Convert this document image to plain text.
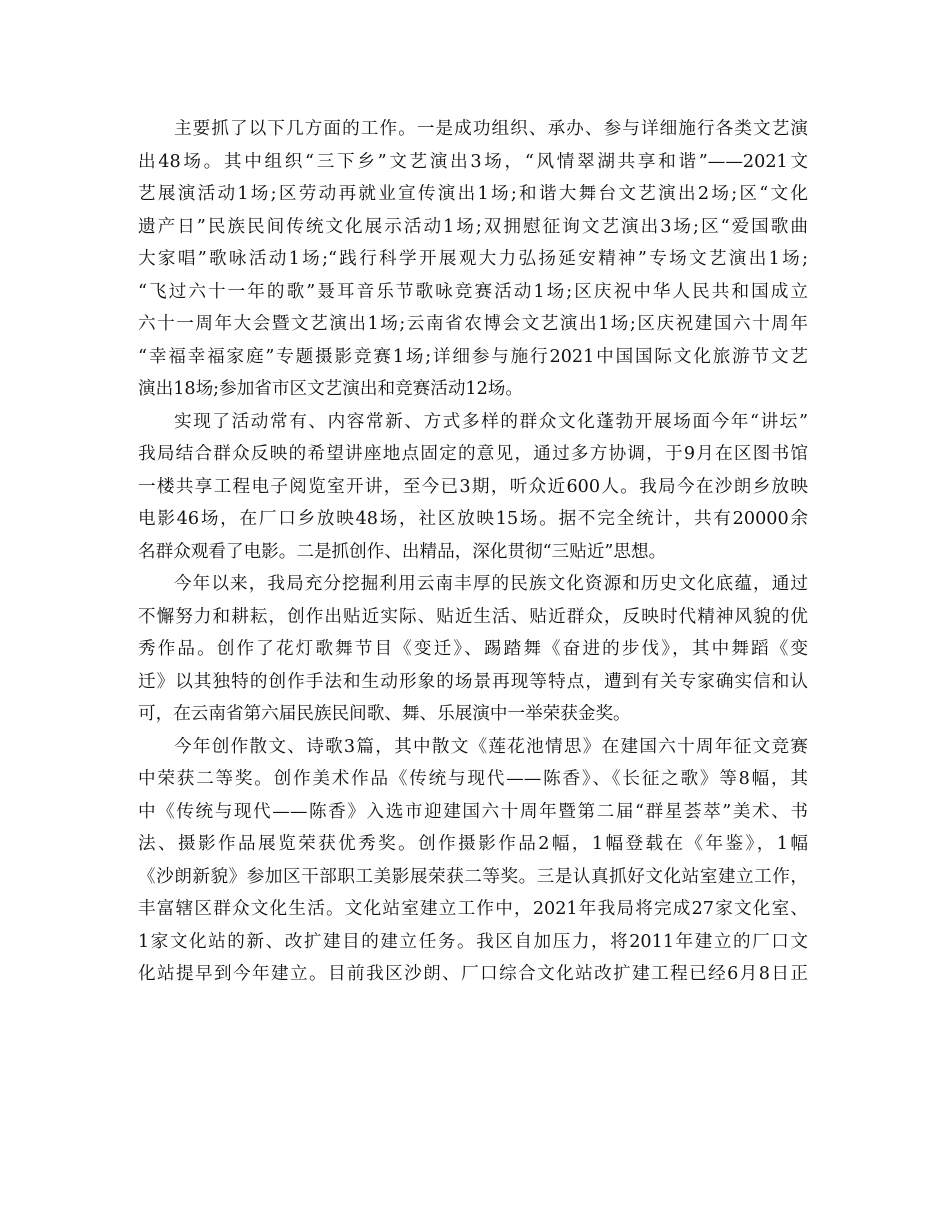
主要抓了以下几方面的工作。一是成功组织、承办、参与详细施行各类文艺演
出48场。其中组织“三下乡”文艺演出3场，“风情翠湖共享和谐”——2021文
艺展演活动1场;区劳动再就业宣传演出1场;和谐大舞台文艺演出2场;区“文化
遗产日”民族民间传统文化展示活动1场;双拥慰征询文艺演出3场;区“爱国歌曲
大家唱”歌咏活动1场;“践行科学开展观大力弘扬延安精神”专场文艺演出1场;
“飞过六十一年的歌”聂耳音乐节歌咏竞赛活动1场;区庆祝中华人民共和国成立
六十一周年大会暨文艺演出1场;云南省农博会文艺演出1场;区庆祝建国六十周年
“幸福幸福家庭”专题摄影竞赛1场;详细参与施行2021中国国际文化旅游节文艺
演出18场;参加省市区文艺演出和竞赛活动12场。
实现了活动常有、内容常新、方式多样的群众文化蓬勃开展场面今年“讲坛”
我局结合群众反映的希望讲座地点固定的意见，通过多方协调，于9月在区图书馆
一楼共享工程电子阅览室开讲，至今已3期，听众近600人。我局今在沙朗乡放映
电影46场，在厂口乡放映48场，社区放映15场。据不完全统计，共有20000余
名群众观看了电影。二是抓创作、出精品，深化贯彻“三贴近”思想。
今年以来，我局充分挖掘利用云南丰厚的民族文化资源和历史文化底蕴，通过
不懈努力和耕耘，创作出贴近实际、贴近生活、贴近群众，反映时代精神风貌的优
秀作品。创作了花灯歌舞节目《变迁》、踢踏舞《奋进的步伐》，其中舞蹈《变
迁》以其独特的创作手法和生动形象的场景再现等特点，遭到有关专家确实信和认
可，在云南省第六届民族民间歌、舞、乐展演中一举荣获金奖。
今年创作散文、诗歌3篇，其中散文《莲花池情思》在建国六十周年征文竞赛
中荣获二等奖。创作美术作品《传统与现代——陈香》、《长征之歌》等8幅，其
中《传统与现代——陈香》入选市迎建国六十周年暨第二届“群星荟萃”美术、书
法、摄影作品展览荣获优秀奖。创作摄影作品2幅，1幅登载在《年鉴》，1幅
《沙朗新貌》参加区干部职工美影展荣获二等奖。三是认真抓好文化站室建立工作，
丰富辖区群众文化生活。文化站室建立工作中，2021年我局将完成27家文化室、
1家文化站的新、改扩建目的建立任务。我区自加压力，将2011年建立的厂口文
化站提早到今年建立。目前我区沙朗、厂口综合文化站改扩建工程已经6月8日正
